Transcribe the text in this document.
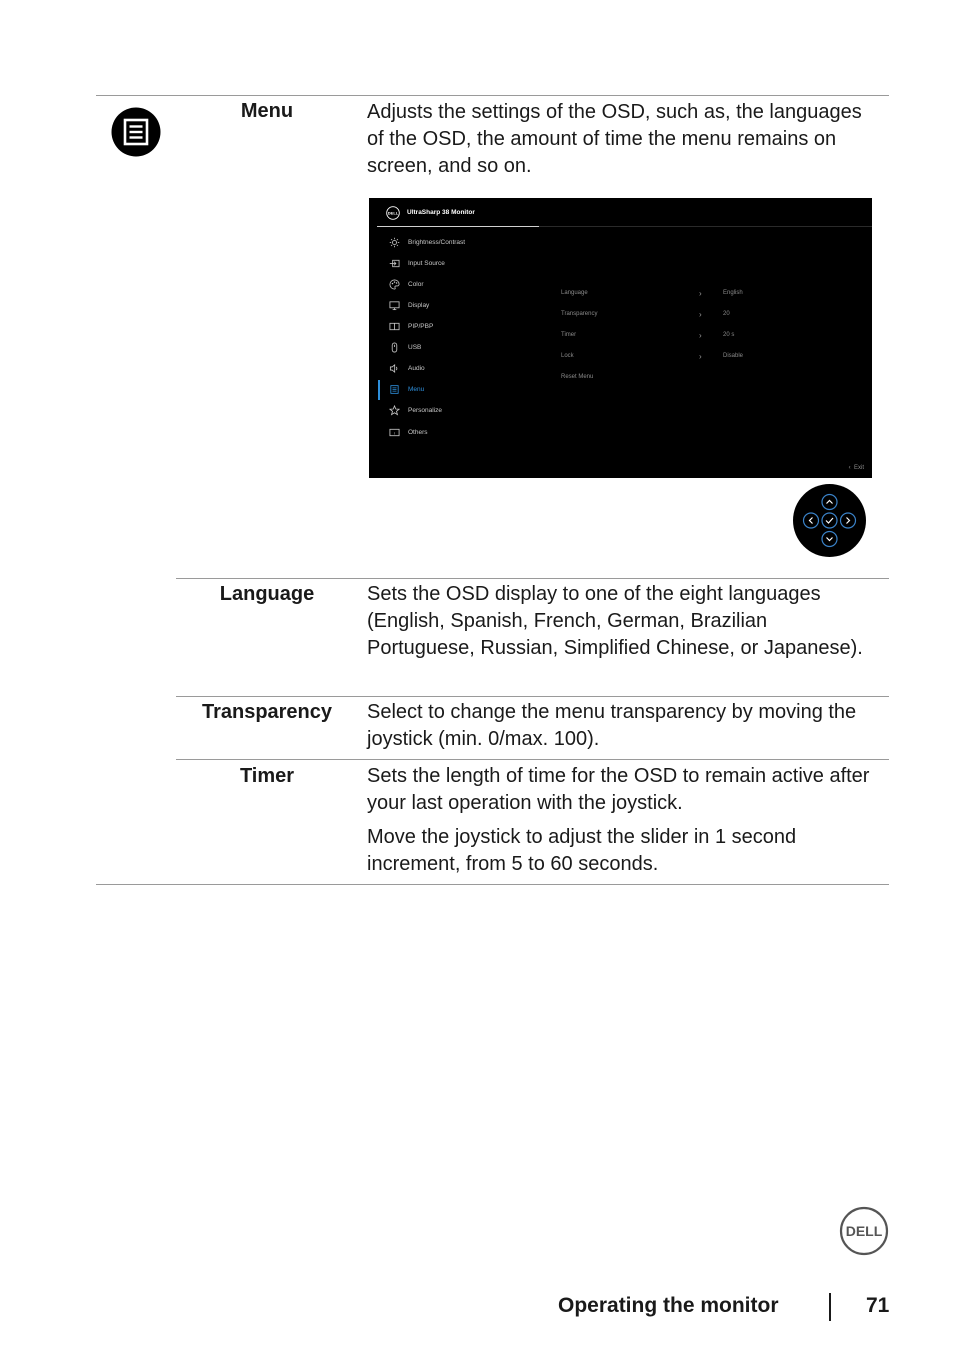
Menu	Adjusts the settings of the OSD, such as, the languages of the OSD, the amount of time the menu remains on screen, and so on.

DELL UltraSharp 38 Monitor
Brightness/Contrast
Input Source
Color
Display
PIP/PBP
USB
Audio
Menu
Personalize
i Others
Language	›	English
Transparency	›	20
Timer	›	20 s
Lock	›	Disable
Reset Menu
‹ Exit
Language	Sets the OSD display to one of the eight languages (English, Spanish, French, German, Brazilian Portuguese, Russian, Simplified Chinese, or Japanese).

Transparency	Select to change the menu transparency by moving the joystick (min. 0/max. 100).

Timer	Sets the length of time for the OSD to remain active after your last operation with the joystick.

Move the joystick to adjust the slider in 1 second increment, from 5 to 60 seconds.

DELL
Operating the monitor	71
